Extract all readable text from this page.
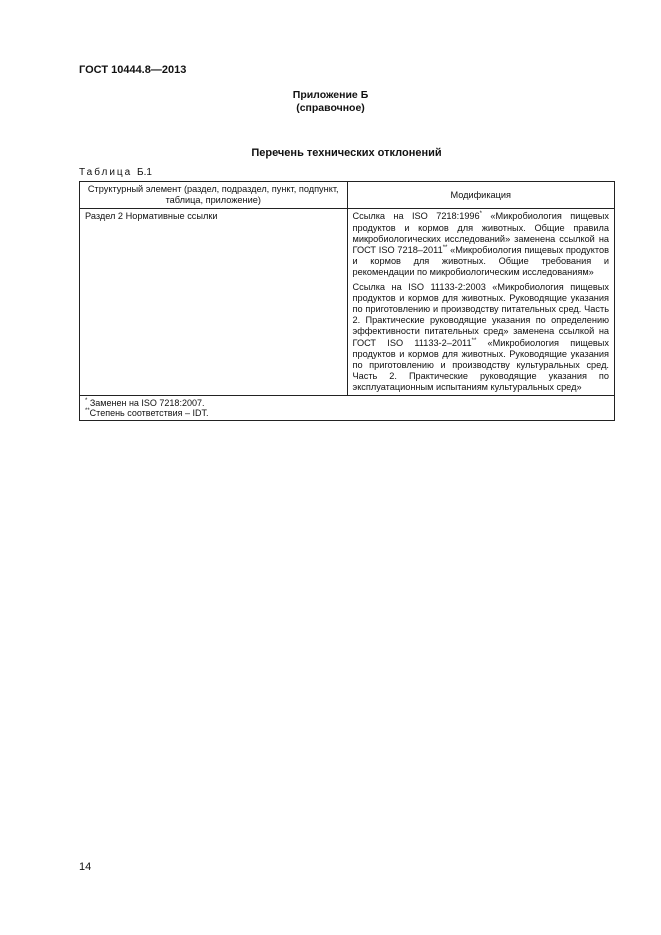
ГОСТ 10444.8—2013

Приложение Б
(справочное)
Перечень технических отклонений
Таблица Б.1
Структурный элемент (раздел, подраздел, пункт, подпункт, таблица, приложение)	Модификация
Раздел 2 Нормативные ссылки	Ссылка на ISO 7218:1996* «Микробиология пищевых продуктов и кормов для животных. Общие правила микробиологических исследований» заменена ссылкой на ГОСТ ISO 7218–2011** «Микробиология пищевых продуктов и кормов для животных. Общие требования и рекомендации по микробиологическим исследованиям»

Ссылка на ISO 11133-2:2003 «Микробиология пищевых продуктов и кормов для животных. Руководящие указания по приготовлению и производству питательных сред. Часть 2. Практические руководящие указания по определению эффективности питательных сред» заменена ссылкой на ГОСТ ISO 11133-2–2011** «Микробиология пищевых продуктов и кормов для животных. Руководящие указания по приготовлению и производству культуральных сред. Часть 2. Практические руководящие указания по эксплуатационным испытаниям культуральных сред»

* Заменен на ISO 7218:2007.
**Степень соответствия – IDT.	
14
